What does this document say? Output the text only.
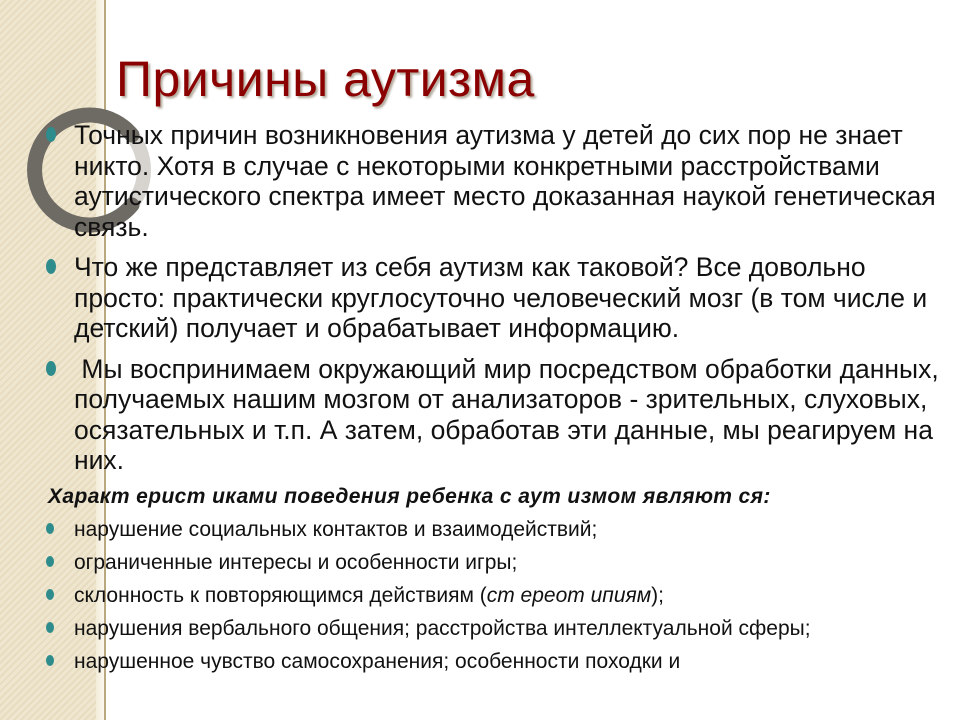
Причины аутизма
Точных причин возникновения аутизма у детей до сих пор не знает никто. Хотя в случае с некоторыми конкретными расстройствами аутистического спектра имеет место доказанная наукой генетическая связь.
Что же представляет из себя аутизм как таковой? Все довольно просто: практически круглосуточно человеческий мозг (в том числе и детский) получает и обрабатывает информацию.
Мы воспринимаем окружающий мир посредством обработки данных, получаемых нашим мозгом от анализаторов - зрительных, слуховых, осязательных и т.п. А затем, обработав эти данные, мы реагируем на них.
Характ ерист иками поведения ребенка с аут измом являют ся:
нарушение социальных контактов и взаимодействий;
ограниченные интересы и особенности игры;
склонность к повторяющимся действиям (ст ереот ипиям);
нарушения вербального общения; расстройства интеллектуальной сферы;
нарушенное чувство самосохранения; особенности походки и
